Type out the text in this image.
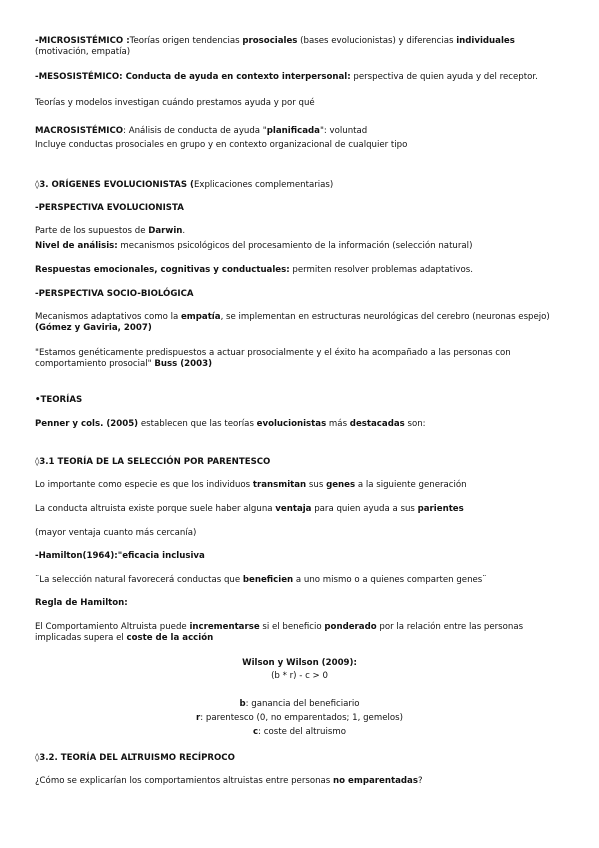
-MICROSISTÉMICO :Teorías origen tendencias prosociales (bases evolucionistas) y diferencias individuales (motivación, empatía)

-MESOSISTÉMICO: Conducta de ayuda en contexto interpersonal: perspectiva de quien ayuda y del receptor.

Teorías y modelos investigan cuándo prestamos ayuda y por qué

MACROSISTÉMICO: Análisis de conducta de ayuda "planificada": voluntad

Incluye conductas prosociales en grupo y en contexto organizacional de cualquier tipo

◊3. ORÍGENES EVOLUCIONISTAS (Explicaciones complementarias)

-PERSPECTIVA EVOLUCIONISTA

Parte de los supuestos de Darwin.

Nivel de análisis: mecanismos psicológicos del procesamiento de la información (selección natural)

Respuestas emocionales, cognitivas y conductuales: permiten resolver problemas adaptativos.

-PERSPECTIVA SOCIO-BIOLÓGICA

Mecanismos adaptativos como la empatía, se implementan en estructuras neurológicas del cerebro (neuronas espejo) (Gómez y Gaviria, 2007)

"Estamos genéticamente predispuestos a actuar prosocialmente y el éxito ha acompañado a las personas con comportamiento prosocial" Buss (2003)

•TEORÍAS

Penner y cols. (2005) establecen que las teorías evolucionistas más destacadas son:

◊3.1 TEORÍA DE LA SELECCIÓN POR PARENTESCO

Lo importante como especie es que los individuos transmitan sus genes a la siguiente generación

La conducta altruista existe porque suele haber alguna ventaja para quien ayuda a sus parientes

(mayor ventaja cuanto más cercanía)

-Hamilton(1964):"eficacia inclusiva

¨La selección natural favorecerá conductas que beneficien a uno mismo o a quienes comparten genes¨

Regla de Hamilton:

El Comportamiento Altruista puede incrementarse si el beneficio ponderado por la relación entre las personas implicadas supera el coste de la acción

Wilson y Wilson (2009):

(b * r) - c > 0

b: ganancia del beneficiario

r: parentesco (0, no emparentados; 1, gemelos)

c: coste del altruismo

◊3.2. TEORÍA DEL ALTRUISMO RECÍPROCO

¿Cómo se explicarían los comportamientos altruistas entre personas no emparentadas?
